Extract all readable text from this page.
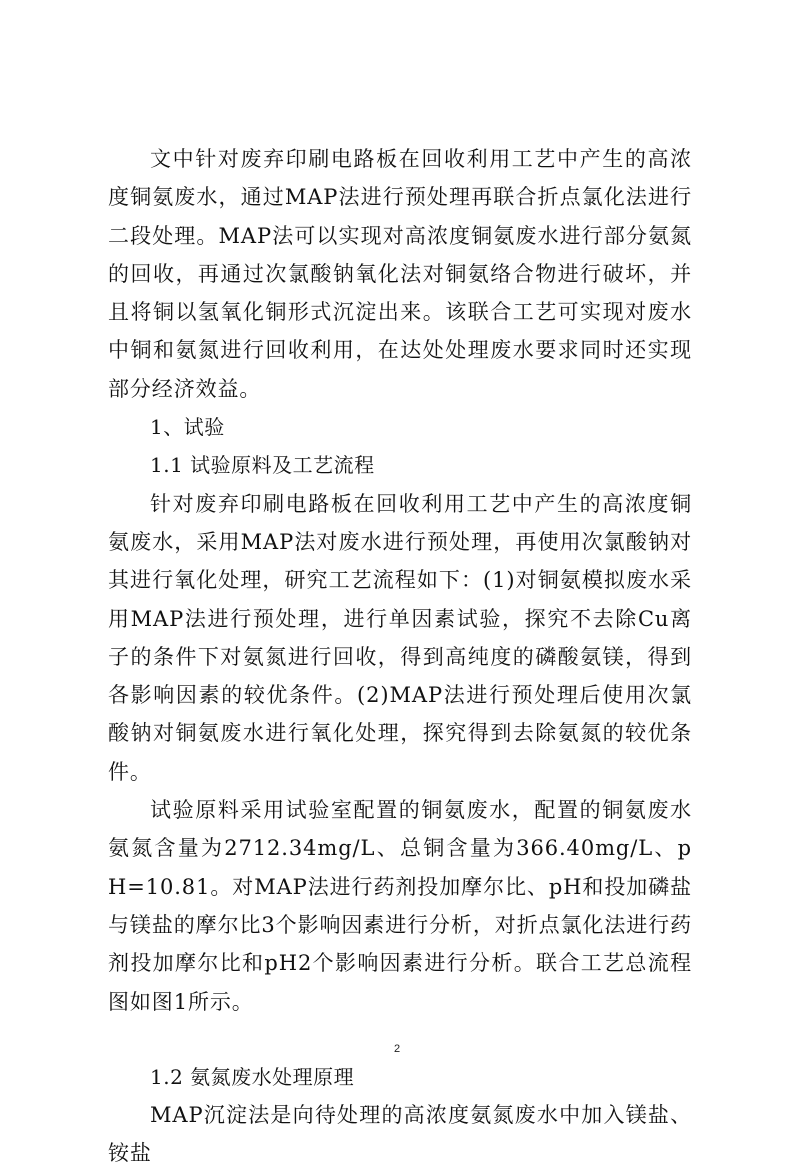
文中针对废弃印刷电路板在回收利用工艺中产生的高浓度铜氨废水，通过MAP法进行预处理再联合折点氯化法进行二段处理。MAP法可以实现对高浓度铜氨废水进行部分氨氮的回收，再通过次氯酸钠氧化法对铜氨络合物进行破坏，并且将铜以氢氧化铜形式沉淀出来。该联合工艺可实现对废水中铜和氨氮进行回收利用，在达处处理废水要求同时还实现部分经济效益。

1、试验

1.1 试验原料及工艺流程

针对废弃印刷电路板在回收利用工艺中产生的高浓度铜氨废水，采用MAP法对废水进行预处理，再使用次氯酸钠对其进行氧化处理，研究工艺流程如下：(1)对铜氨模拟废水采用MAP法进行预处理，进行单因素试验，探究不去除Cu离子的条件下对氨氮进行回收，得到高纯度的磷酸氨镁，得到各影响因素的较优条件。(2)MAP法进行预处理后使用次氯酸钠对铜氨废水进行氧化处理，探究得到去除氨氮的较优条件。

试验原料采用试验室配置的铜氨废水，配置的铜氨废水氨氮含量为2712.34mg/L、总铜含量为366.40mg/L、pH=10.81。对MAP法进行药剂投加摩尔比、pH和投加磷盐与镁盐的摩尔比3个影响因素进行分析，对折点氯化法进行药剂投加摩尔比和pH2个影响因素进行分析。联合工艺总流程图如图1所示。

1.2 氨氮废水处理原理

MAP沉淀法是向待处理的高浓度氨氮废水中加入镁盐、铵盐

2
